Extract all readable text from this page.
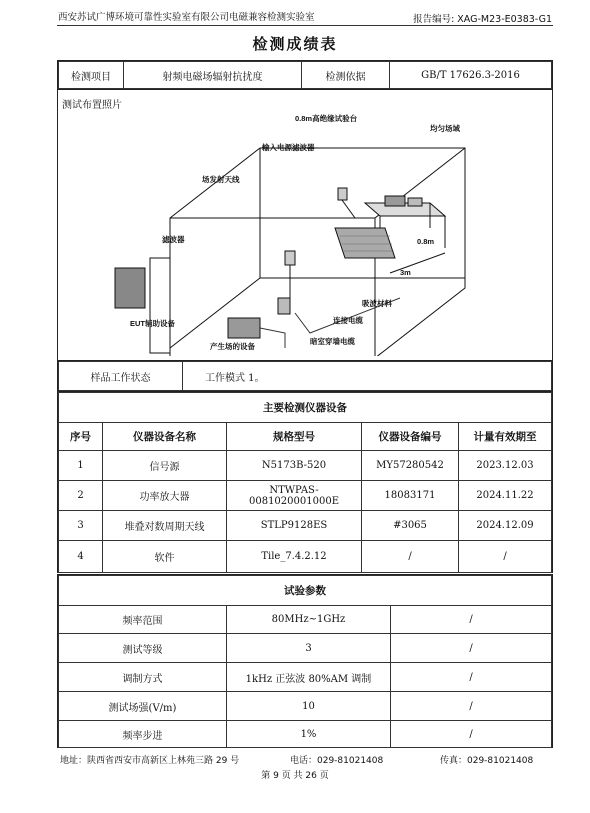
西安苏试广博环境可靠性实验室有限公司电磁兼容检测实验室	报告编号: XAG-M23-E0383-G1
检测成绩表
检测项目	射频电磁场辐射抗扰度	检测依据	GB/T 17626.3-2016
测试布置照片
0.8m高绝缘试验台
均匀场域
输入电源滤波器
场发射天线
滤波器
EUT辅助设备
产生场的设备
吸波材料
连接电缆
暗室穿墙电缆
0.8m
3m
样品工作状态	工作模式 1。
主要检测仪器设备				
序号	仪器设备名称	规格型号	仪器设备编号	计量有效期至
1	信号源	N5173B-520	MY57280542	2023.12.03
2	功率放大器	NTWPAS-0081020001000E	18083171	2024.11.22
3	堆叠对数周期天线	STLP9128ES	#3065	2024.12.09
4	软件	Tile_7.4.2.12	/	/
试验参数		
频率范围	80MHz~1GHz	/
测试等级	3	/
调制方式	1kHz 正弦波 80%AM 调制	/
测试场强(V/m)	10	/
频率步进	1%	/
地址：陕西省西安市高新区上林苑三路 29 号	电话：029-81021408	传真：029-81021408
第 9 页 共 26 页
